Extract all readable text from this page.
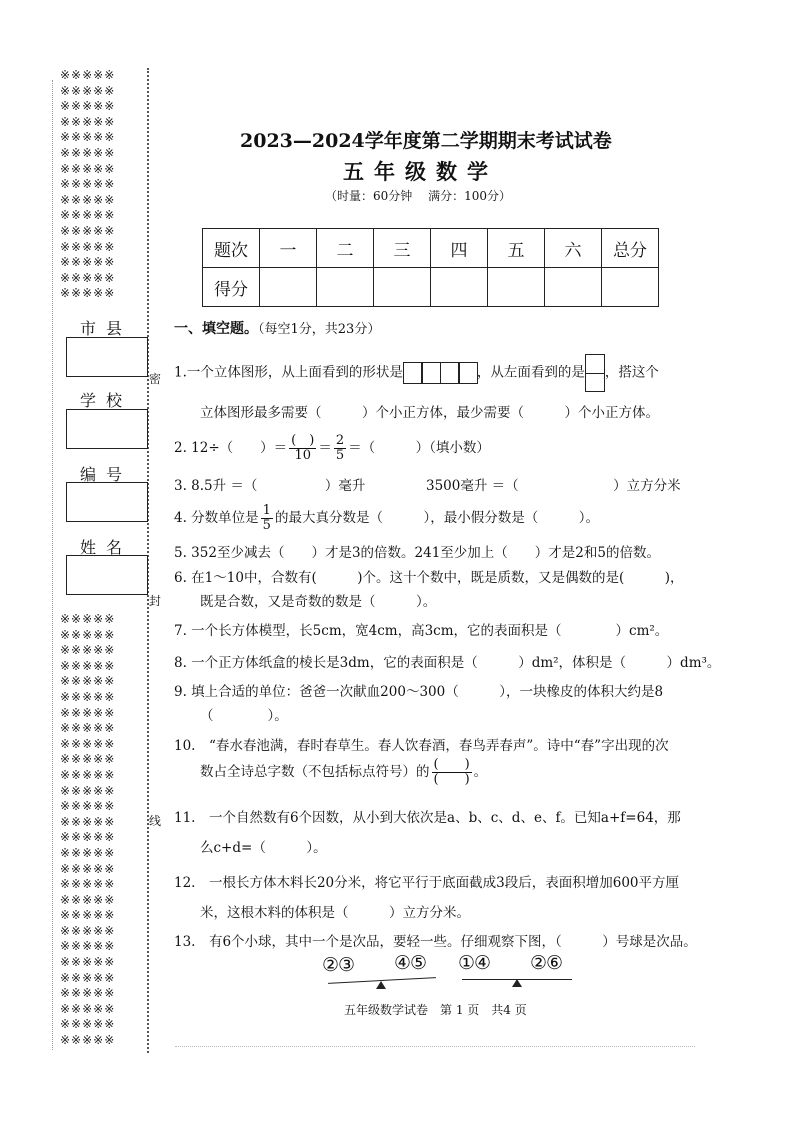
※※※※※
※※※※※
※※※※※
※※※※※
※※※※※
※※※※※
※※※※※
※※※※※
※※※※※
※※※※※
※※※※※
※※※※※
※※※※※
※※※※※
※※※※※
※※※※※
※※※※※
※※※※※
※※※※※
※※※※※
※※※※※
※※※※※
※※※※※
※※※※※
※※※※※
※※※※※
※※※※※
※※※※※
※※※※※
※※※※※
※※※※※
※※※※※
※※※※※
※※※※※
※※※※※
※※※※※
※※※※※
※※※※※
※※※※※
※※※※※
※※※※※
※※※※※
※※※※※
市县
学校
编号
姓名
密
封
线
2023—2024学年度第二学期期末考试试卷
五年级数学
（时量：60分钟　 满分：100分）
题次	一	二	三	四	五	六	总分
得分							
一、填空题。（每空1分，共23分）
1.一个立体图形，从上面看到的形状是	，从左面看到的是 ，搭这个
立体图形最多需要（　　　）个小正方体，最少需要（　　　）个小正方体。
2. 12÷（　　）＝ $\frac{( )}{10} = \frac{2}{5}$ ＝（　　　）（填小数）
3. 8.5升 ＝（　　　　　）毫升	3500毫升 ＝（　　　　　　　）立方分米
4. 分数单位是 $\frac{1}{5}$ 的最大真分数是（　　　），最小假分数是（　　　）。
5. 352至少减去（　　）才是3的倍数。241至少加上（　　）才是2和5的倍数。
6. 在1～10中，合数有(　　　)个。这十个数中，既是质数，又是偶数的是(　　　)，
既是合数，又是奇数的数是（　　　）。
7. 一个长方体模型，长5cm，宽4cm，高3cm，它的表面积是（　　　　）cm²。
8. 一个正方体纸盒的棱长是3dm，它的表面积是（　　　）dm²，体积是（　　　）dm³。
9. 填上合适的单位：爸爸一次献血200～300（　　　），一块橡皮的体积大约是8
（　　　　）。
10.　“春水春池满，春时春草生。春人饮春酒，春鸟弄春声”。诗中“春”字出现的次
数占全诗总字数（不包括标点符号）的 $\frac{( )}{( )}$ 。
11.　一个自然数有6个因数，从小到大依次是a、b、c、d、e、f。已知a+f=64，那
么c+d=（　　　）。
12.　一根长方体木料长20分米，将它平行于底面截成3段后，表面积增加600平方厘
米，这根木料的体积是（　　　）立方分米。
13.　有6个小球，其中一个是次品，要轻一些。仔细观察下图，（　　　）号球是次品。
②③ ④⑤ ①④ ②⑥
五年级数学试卷　第 1 页　共4 页
